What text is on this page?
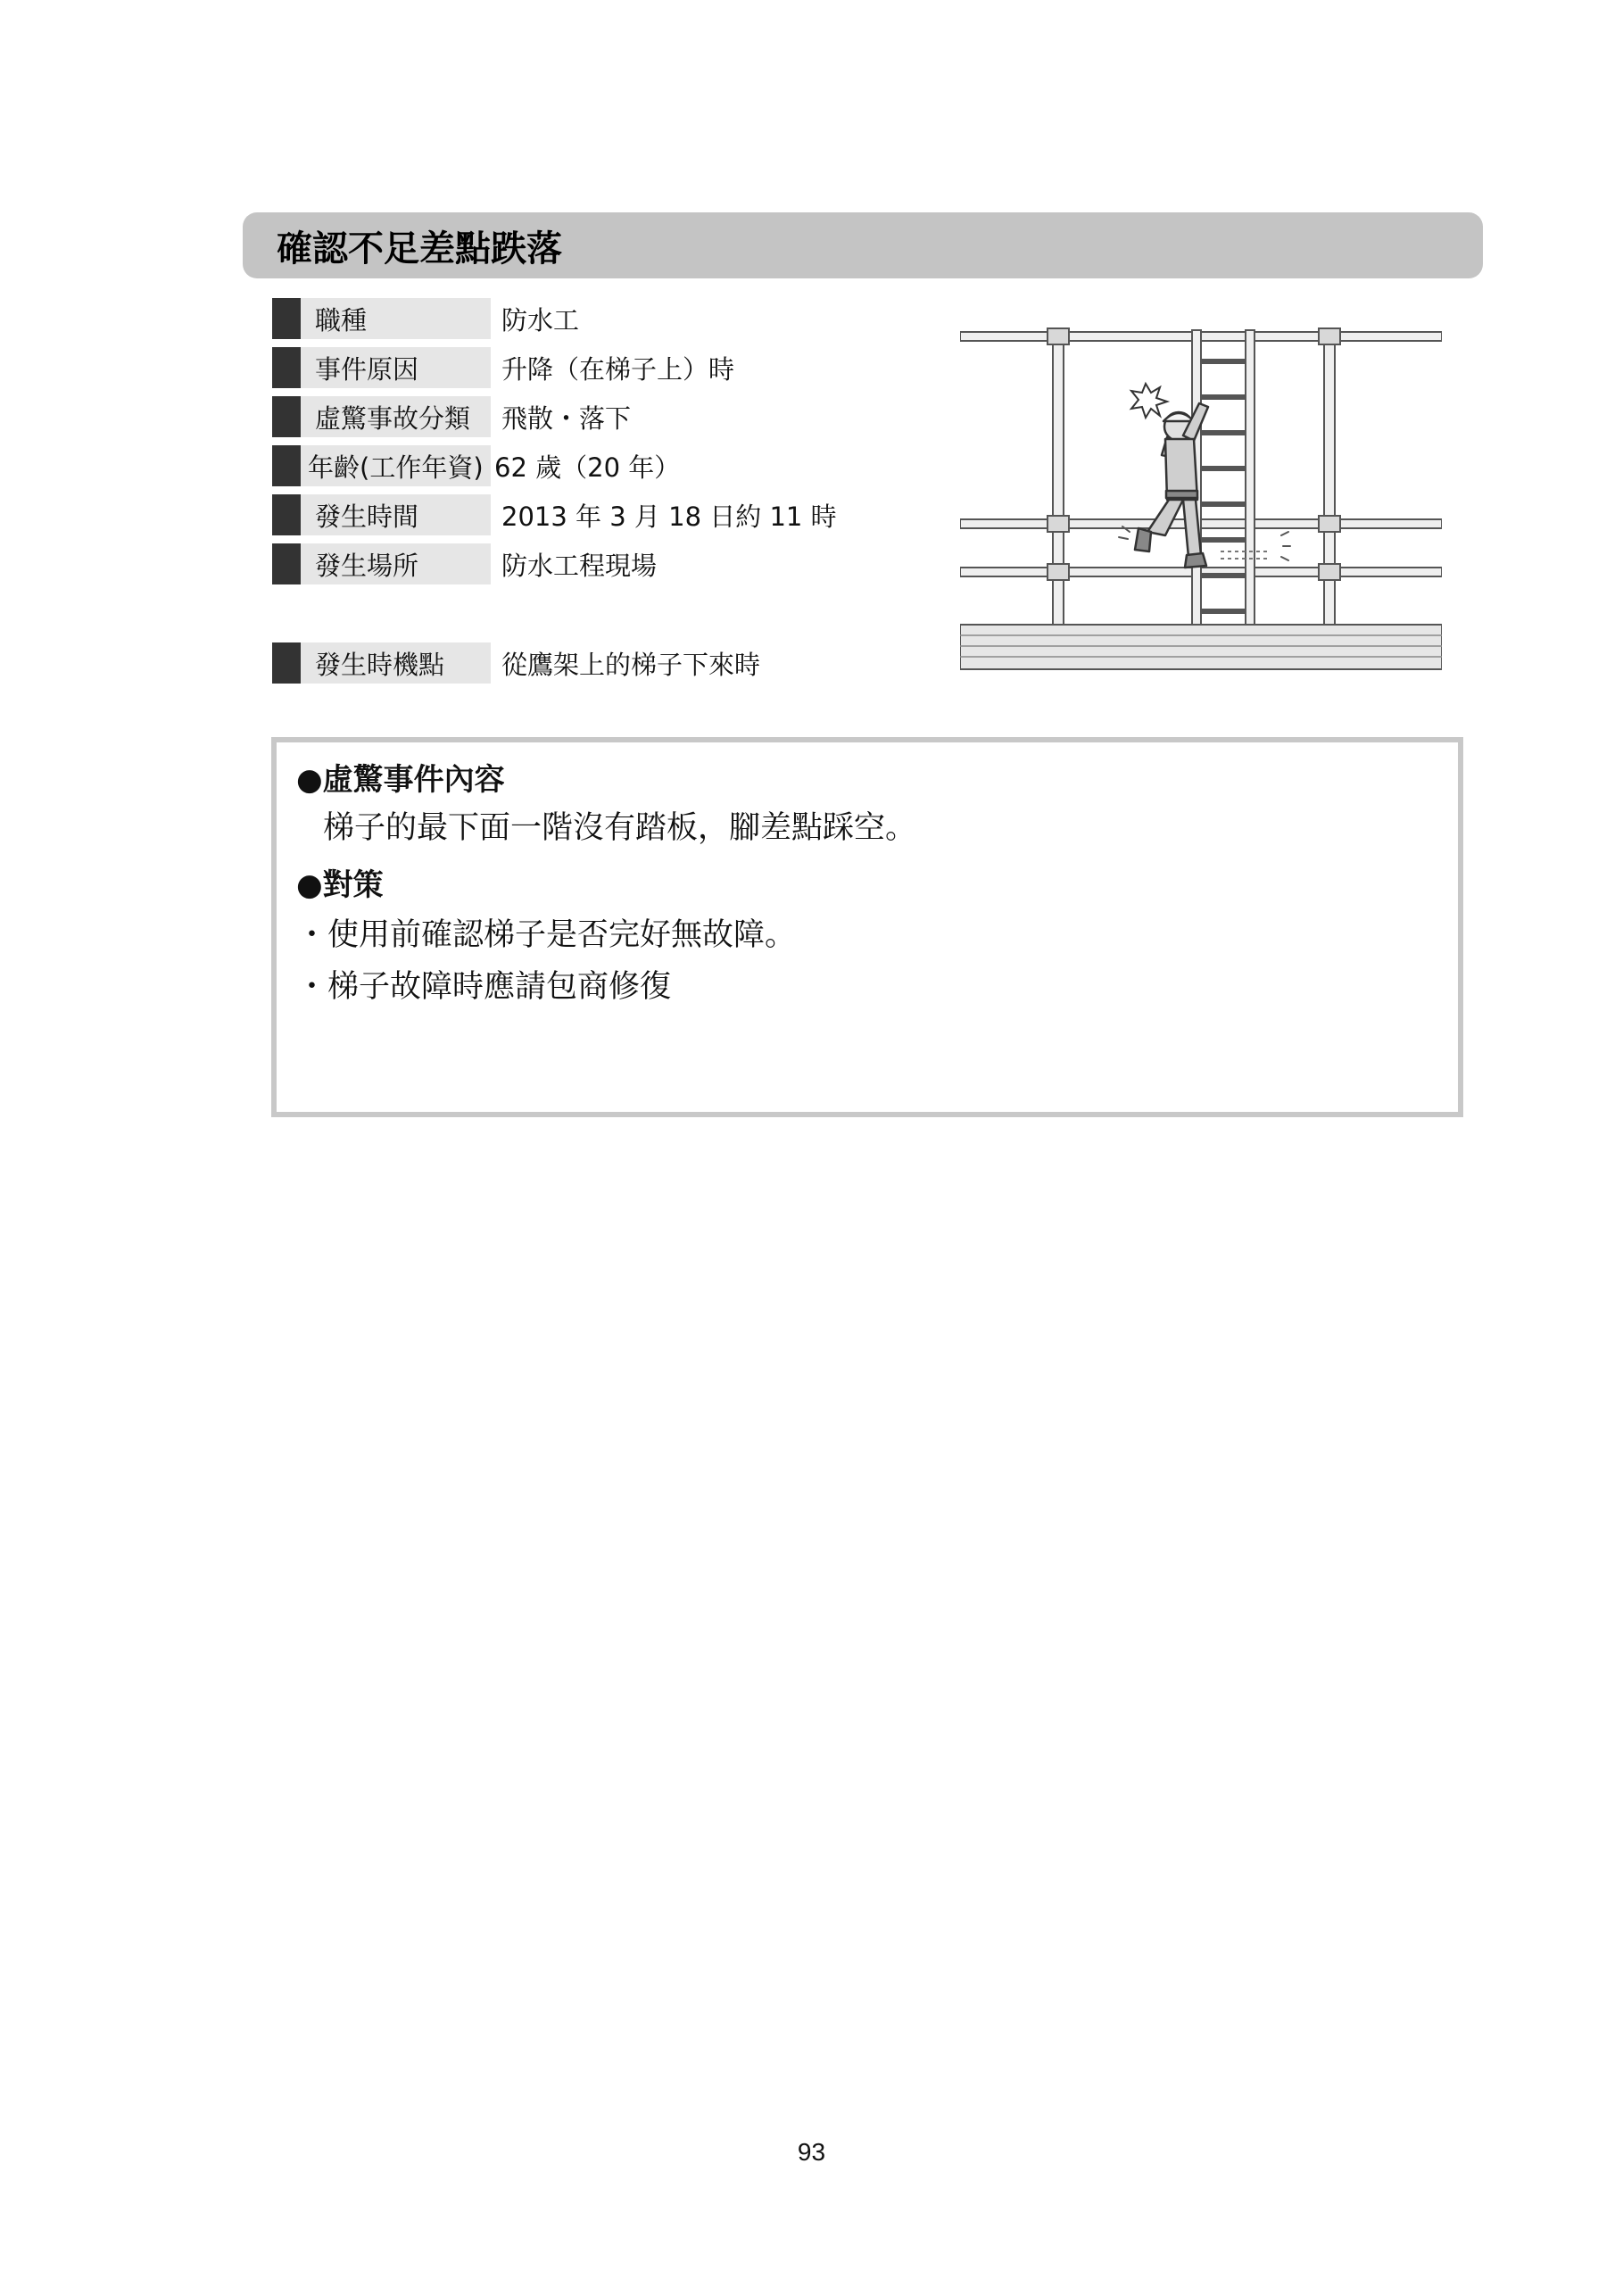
確認不足差點跌落
職種	防水工
事件原因	升降（在梯子上）時
虛驚事故分類	飛散・落下
年齡(工作年資) 62 歲（20 年）
發生時間	2013 年 3 月 18 日約 11 時
發生場所	防水工程現場
發生時機點	從鷹架上的梯子下來時
●虛驚事件內容
梯子的最下面一階沒有踏板，腳差點踩空。
●對策
・使用前確認梯子是否完好無故障。
・梯子故障時應請包商修復
93
